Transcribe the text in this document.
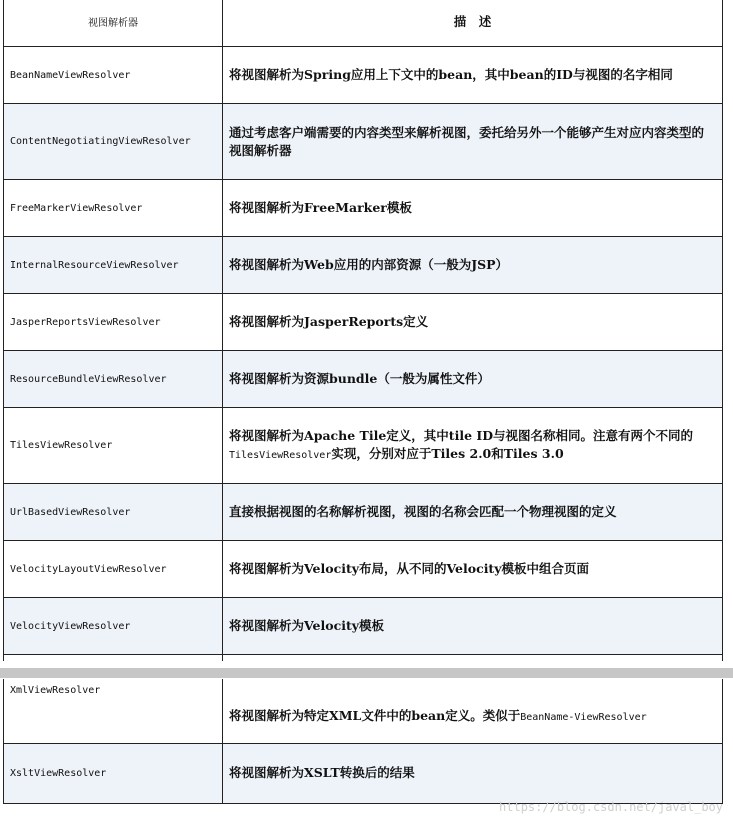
视图解析器	描　述
BeanNameViewResolver	将视图解析为Spring应用上下文中的bean，其中bean的ID与视图的名字相同
ContentNegotiatingViewResolver	通过考虑客户端需要的内容类型来解析视图，委托给另外一个能够产生对应内容类型的视图解析器
FreeMarkerViewResolver	将视图解析为FreeMarker模板
InternalResourceViewResolver	将视图解析为Web应用的内部资源（一般为JSP）
JasperReportsViewResolver	将视图解析为JasperReports定义
ResourceBundleViewResolver	将视图解析为资源bundle（一般为属性文件）
TilesViewResolver	将视图解析为Apache Tile定义，其中tile ID与视图名称相同。注意有两个不同的TilesViewResolver实现，分别对应于Tiles 2.0和Tiles 3.0
UrlBasedViewResolver	直接根据视图的名称解析视图，视图的名称会匹配一个物理视图的定义
VelocityLayoutViewResolver	将视图解析为Velocity布局，从不同的Velocity模板中组合页面
VelocityViewResolver	将视图解析为Velocity模板

XmlViewResolver	将视图解析为特定XML文件中的bean定义。类似于BeanName-ViewResolver
XsltViewResolver	将视图解析为XSLT转换后的结果
https://blog.csdn.net/javal_boy
